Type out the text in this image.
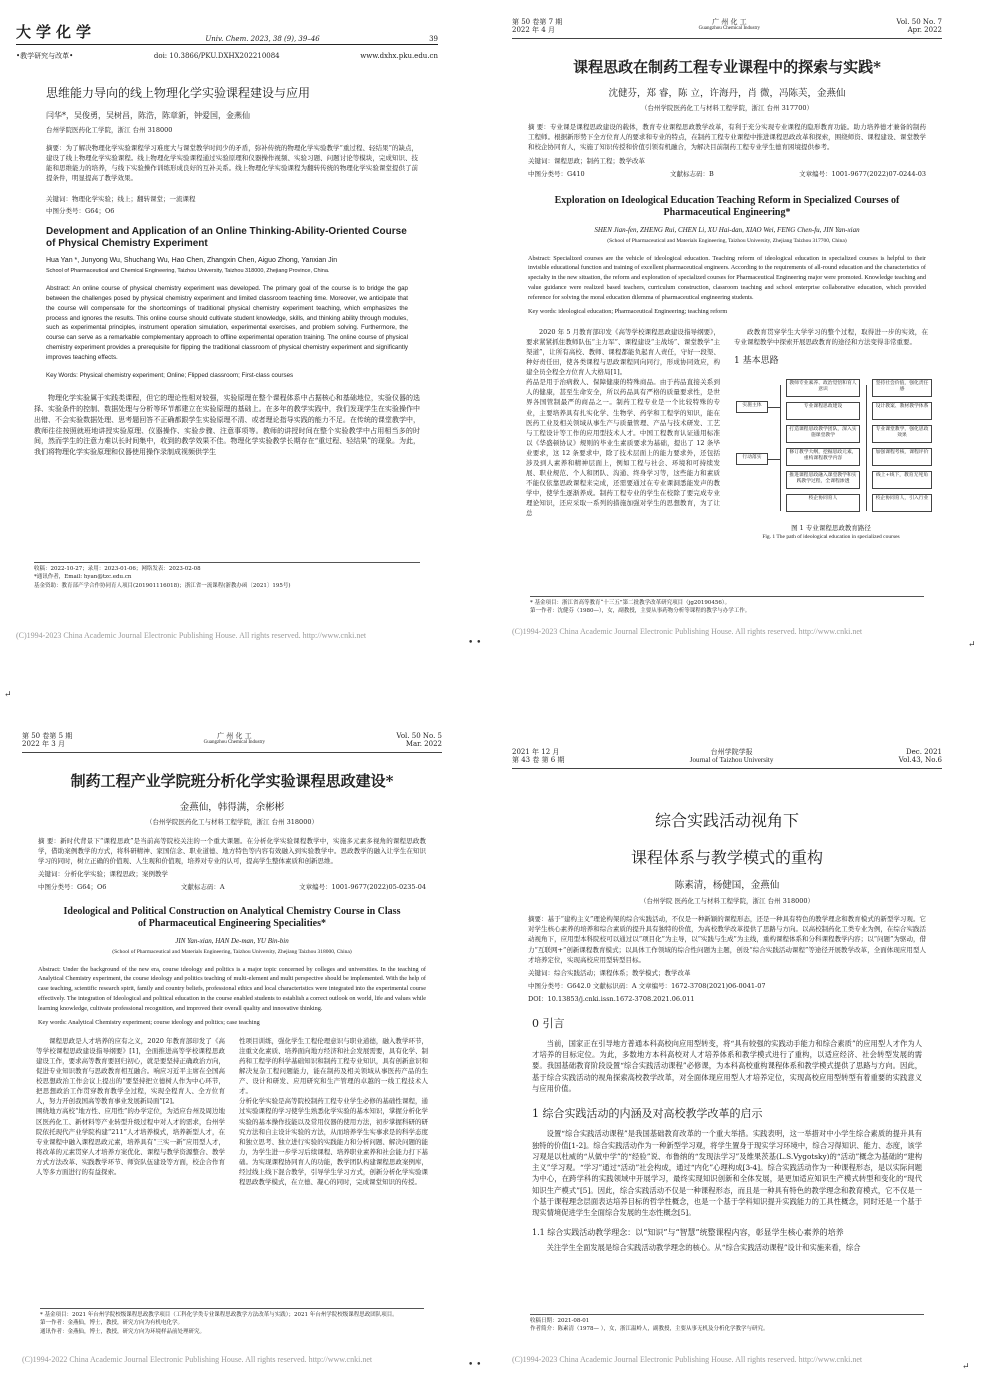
大学化学	Univ. Chem. 2023, 38 (9), 39–46	39
•教学研究与改革•	doi: 10.3866/PKU.DXHX202210084	www.dxhx.pku.edu.cn
思维能力导向的线上物理化学实验课程建设与应用
闫华*，吴俊勇，吴树昌，陈浩，陈章新，钟爱国，金燕仙
台州学院医药化工学院，浙江 台州 318000
摘要：为了解决物理化学实验课程学习难度大与课堂教学时间少的矛盾，弥补传统的物理化学实验教学“重过程、轻结果”的缺点，建设了线上物理化学实验课程。线上物理化学实验课程通过实验原理和仪器操作视频、实验习题、问题讨论等模块，完成知识、技能和思维能力的培养，与线下实验操作训练形成良好的互补关系。线上物理化学实验课程为翻转传统的物理化学实验课堂提供了前提条件，明显提高了教学效果。
关键词：物理化学实验；线上；翻转课堂；一流课程
中图分类号：G64；O6
Development and Application of an Online Thinking-Ability-Oriented Course of Physical Chemistry Experiment
Hua Yan *, Junyong Wu, Shuchang Wu, Hao Chen, Zhangxin Chen, Aiguo Zhong, Yanxian Jin
School of Pharmaceutical and Chemical Engineering, Taizhou University, Taizhou 318000, Zhejiang Province, China.
Abstract: An online course of physical chemistry experiment was developed. The primary goal of the course is to bridge the gap between the challenges posed by physical chemistry experiment and limited classroom teaching time. Moreover, we anticipate that the course will compensate for the shortcomings of traditional physical chemistry experiment teaching, which emphasizes the process and ignores the results. This online course should cultivate student knowledge, skills, and thinking ability through modules, such as experimental principles, instrument operation simulation, experimental exercises, and problem solving. Furthermore, the course can serve as a remarkable complementary approach to offline experimental operation training. The online course of physical chemistry experiment provides a prerequisite for flipping the traditional classroom of physical chemistry experiment and significantly improves teaching effects.
Key Words: Physical chemistry experiment; Online; Flipped classroom; First-class courses
物理化学实验属于实践类课程，但它的理论性相对较强，实验原理在整个课程体系中占据核心和基础地位，实验仪器的选择、实验条件的控制、数据处理与分析等环节都建立在实验原理的基础上。在多年的教学实践中，我们发现学生在实验操作中出错、不会实验数据处理、思考题回答不正确都跟学生实验原理不清、或者理论指导实践的能力不足。在传统的课堂教学中，教师往往按照就班地讲授实验原理、仪器操作、实验步骤、注意事项等。教师的讲授时间在整个实验教学中占用相当多的时间，然而学生的注意力难以长时间集中，收到的教学效果不佳。物理化学实验教学长期存在“重过程、轻结果”的现象。为此，我们将物理化学实验原理和仪器使用操作录制成视频供学生
收稿：2022-10-27；录用：2023-01-06；网络发表：2023-02-08
*通讯作者，Email: hyan@tzc.edu.cn
基金资助：教育部产学合作协同育人项目(201901116018)；浙江省一流课程(浙教办函〔2021〕195号)
(C)1994-2023 China Academic Journal Electronic Publishing House. All rights reserved. http://www.cnki.net
第 50 卷第 7 期
2022 年 4 月
广 州 化 工
Guangzhou Chemical Industry
Vol. 50 No. 7
Apr. 2022
课程思政在制药工程专业课程中的探索与实践*
沈健芬，郑 睿，陈 立，许海丹，肖 微，冯陈芙，金燕仙
（台州学院医药化工与材料工程学院，浙江 台州 317700）
摘 要：专业课是课程思政建设的载体，教育专业课程思政教学改革，有利于充分实现专业课程的隐形教育功能。助力培养德才兼备的制药工程师。根据新形势下全方位育人的要求和专业的特点，在制药工程专业课程中推进课程思政改革和探索，围绕师资、课程建设、课堂教学和校企协同育人，实施了知识传授和价值引领有机融合，为解决目前制药工程专业学生德育困境提供参考。
关键词：课程思政；制药工程；教学改革
中图分类号：G410	文献标志码：B	文章编号：1001-9677(2022)07-0244-03
Exploration on Ideological Education Teaching Reform in Specialized Courses of Pharmaceutical Engineering*
SHEN Jian-fen, ZHENG Rui, CHEN Li, XU Hai-dan, XIAO Wei, FENG Chen-fu, JIN Yan-xian
(School of Pharmaceutical and Materials Engineering, Taizhou University, Zhejiang Taizhou 317700, China)
Abstract: Specialized courses are the vehicle of ideological education. Teaching reform of ideological education in specialized courses is helpful to their invisible educational function and training of excellent pharmaceutical engineers. According to the requirements of all-round education and the characteristics of specialty in the new situation, the reform and exploration of specialized courses for Pharmaceutical Engineering major were promoted. Knowledge teaching and value guidance were realized based teachers, curriculum construction, classroom teaching and school enterprise collaborative education, which provided reference for solving the moral education dilemma of pharmaceutical engineering students.
Key words: ideological education; Pharmaceutical Engineering; teaching reform
2020 年 5 月教育部印发《高等学校课程思政建设指导纲要》，要求紧紧抓住教师队伍“主力军”、课程建设“主战场”、课堂教学“主渠道”，让所有高校、教师、课程都能负起育人责任，守好一段渠、种好责任田，使各类课程与思政课程同向同行，形成协同效应，构建全员全程全方位育人大格局[1]。
药品是用于治病救人、保障健康的特殊商品。由于药品直接关系到人的健康，甚至生命安全，所以药品具有严格的质量要求性，是世界各国管制最严的商品之一。制药工程专业是一个比较特殊的专业，主要培养具有扎实化学、生物学、药学和工程学的知识，能在医药工业及相关领域从事生产与质量管理、产品与技术研发、工艺与工程设计等工作的应用型技术人才。中国工程教育认证通用标准以《华盛顿协议》规则的毕业生素质要求为基础，提出了 12 条毕业要求，这 12 条要求中，除了技术层面上的能力要求外，还包括涉及到人素养和精神层面上，例如工程与社会、环境和可持续发展、职业规范、个人和团队、沟通、终身学习等，这些能力和素质不能仅依靠思政课程来完成，还需要通过在专业课洞悉能发声的教学中，使学生逐渐养成。制药工程专业的学生在校除了要完成专业理论知识，还应采取一系列的措施加强对学生的思想教育，为了让总
政教育贯穿学生大学学习的整个过程，取得进一步的实效，在专业课程教学中探索开展思政教育的途径和方法变得非常重要。
1 基本思路
实施主体
行动落实
教师专业素养、政治觉悟和育人意识
专业课程思政建设
打造课程思政教学团队，深入实施课堂教学
修订教学大纲，挖掘思政元素，重构课程教学内容
推进课程思政融入课堂教学和实践教学过程，全课程渗透
校企协同育人
坚持社会价值，强化责任感
设计教案、教材教学体系
专业课堂教学，强化思政效果
加强课程考核，课程评价
线上+线下，教育无死角
校企协同育人，引入行业
图 1 专业课程思政教育路径
Fig. 1 The path of ideological education in specialized courses
* 基金项目：浙江省高等教育“十三五”第二批教学改革研究项目（jg20190456）。
第一作者：沈健芬（1980—），女，副教授，主要从事药物分析等课程的教学与办学工作。
(C)1994-2023 China Academic Journal Electronic Publishing House. All rights reserved. http://www.cnki.net
• •	↵
↵
第 50 卷第 5 期
2022 年 3 月
广 州 化 工
Guangzhou Chemical Industry
Vol. 50 No. 5
Mar. 2022
制药工程产业学院班分析化学实验课程思政建设*
金燕仙，韩得满，余彬彬
（台州学院医药化工与材料工程学院，浙江 台州 318000）
摘 要：新时代背景下“课程思政”是当前高等院校关注的一个重大课题。在分析化学实验课程教学中，实施多元素多视角的课程思政教学，借助案例教学的方式，将科研精神、家国信念、职业道德、地方特色等内容有效融入到实验教学中。思政教学的融入让学生在知识学习的同时，树立正确的价值观、人生观和价值观，培养对专业的认可，提高学生整体素质和创新思维。
关键词：分析化学实验；课程思政；案例教学
中图分类号：G64；O6	文献标志码：A	文章编号：1001-9677(2022)05-0235-04
Ideological and Political Construction on Analytical Chemistry Course in Class of Pharmaceutical Engineering Specialities*
JIN Yan-xian, HAN De-man, YU Bin-bin
(School of Pharmaceutical and Materials Engineering, Taizhou University, Zhejiang Taizhou 318000, China)
Abstract: Under the background of the new era, course ideology and politics is a major topic concerned by colleges and universities. In the teaching of Analytical Chemistry experiment, the course ideology and politics teaching of multi-element and multi perspective should be implemented. With the help of case teaching, scientific research spirit, family and country beliefs, professional ethics and local characteristics were integrated into the experimental course effectively. The integration of Ideological and political education in the course enabled students to establish a correct outlook on world, life and values while learning knowledge, cultivate professional recognition, and improved their overall quality and innovative thinking.
Key words: Analytical Chemistry experiment; course ideology and politics; case teaching
课程思政是人才培养的应有之义，2020 年教育部印发了《高等学校课程思政建设指导纲要》[1]，全面推进高等学校课程思政建设工作，要求高等教育要回归初心，就是要坚持正确政治方向，促进专业知识教育与思政教育相互融合。响应习近平主席在全国高校思想政治工作会议上提出的“要坚持把立德树人作为中心环节，把思想政治工作贯穿教育教学全过程，实现全程育人、全方位育人，努力开创我国高等教育事业发展新局面”[2]。
围绕地方高校“地方性、应用性”的办学定位，为适应台州及周边地区医药化工、新材料等产业转型升级过程中对人才的需求，台州学院依托现代产业学院构建“211”人才培养模式，培养新型人才，在专业课程中融入课程思政元素，培养具有“三实一新”应用型人才，将改革的元素贯穿人才培养方案优化、课程与教学资源整合、教学方式方法改革、实践教学环节、师资队伍建设等方面，校企合作育人等多方面进行的有益探索。
性项目训练，强化学生工程伦理意识与职业道德，融入教学环节，注重文化素质、培养面向地方经济和社会发展需要，具有化学、制药和工程学的科学基础知识和制药工程专业知识，具有创新意识和解决复杂工程问题能力，能在制药及相关领域从事医药产品的生产、设计和研发、应用研究和生产管理的卓越的一线工程技术人才。
分析化学实验是高等院校制药工程专业学生必修的基础性课程，通过实验课程的学习使学生熟悉化学实验的基本知识，掌握分析化学实验的基本操作技能以及常用仪器的使用方法，初步掌握科研的研究方法和自主设计实验的方法，从而培养学生实事求是的科学态度和独立思考、独立进行实验的实践能力和分析问题、解决问题的能力，为学生进一步学习后续课程、培养职业素养和社会能力打下基础。为实现课程协同育人的功能，教学团队构建课程思政案例库，经过线上线下混合教学，引导学生学习方式，创新分析化学实验课程思政教学模式，在立德、凝心的同时，完成课堂知识的传授。
* 基金项目：2021 年台州学院校级课程思政教学项目（工科化学类专业课程思政教学方法改革与实践）；2021 年台州学院校级课程思政团队项目。
第一作者：金燕仙，博士，教授，研究方向为有机电化学。
通讯作者：金燕仙，博士，教授，研究方向为环境样品前处理研究。
(C)1994-2022 China Academic Journal Electronic Publishing House. All rights reserved. http://www.cnki.net
2021 年 12 月
第 43 卷 第 6 期
台州学院学报
Journal of Taizhou University
Dec. 2021
Vol.43, No.6
综合实践活动视角下
课程体系与教学模式的重构
陈素清，杨健国，金燕仙
（台州学院 医药化工与材料工程学院，浙江 台州 318000）
摘要：基于“建构主义”理论构架的综合实践活动，不仅是一种新颖的课程形态，还是一种具有特色的教学理念和教育模式的新型学习观。它对学生核心素养的培养和综合素质的提升具有独特的价值，为高校教学改革提供了思路与方向。以高校制药化工类专业为例，在综合实践活动视角下，应用型本科院校可以通过以“项目化”为主导，以“实践与生成”为主线，重构课程体系和分科课程教学内容；以“问题”为驱动，借力“互联网+”创新课程教育模式；以具体工作领域的综合性问题为主题，创设“综合实践活动课程”等途径开展教学改革，全面体现应用型人才培养定位，实现高校应用型转型目标。
关键词：综合实践活动；课程体系；教学模式；教学改革
中图分类号：G642.0 文献标识码：A 文章编号：1672-3708(2021)06-0041-07
DOI：10.13853/j.cnki.issn.1672-3708.2021.06.011
0 引言
当前，国家正在引导地方普通本科高校向应用型转变，将“具有较强的实践动手能力和综合素质”的应用型人才作为人才培养的目标定位。为此，多数地方本科高校对人才培养体系和教学模式进行了重构，以适应经济、社会转型发展的需要。我国基础教育阶段设置“综合实践活动课程”必修课，为本科高校重构课程体系和教学模式提供了思路与方向。因此，基于综合实践活动的视角探索高校教学改革，对全面体现应用型人才培养定位，实现高校应用型转型有着重要的实践意义与应用价值。
1 综合实践活动的内涵及对高校教学改革的启示
设置“综合实践活动课程”是我国基础教育改革的一个重大举措。实践表明，这一举措对中小学生综合素质的提升具有独特的价值[1-2]。综合实践活动作为一种新型学习观，将学生置身于现实学习环境中，综合习得知识、能力、态度，该学习观是以杜威的“从做中学”的“经验”说、布鲁纳的“发现法学习”及维果茨基(L.S.Vygotsky)的“活动”概念为基础的“建构主义”学习观。“学习”通过“活动”社会构成，通过“内化”心理构成[3-4]。综合实践活动作为一种课程形态，是以实际问题为中心，在跨学科的实践领域中开展学习，最终实现知识创新和全体发展，是更加适应知识生产模式转型和变化的“现代知识生产模式”[5]。因此，综合实践活动不仅是一种课程形态，而且是一种具有特色的教学理念和教育模式，它不仅是一个基于课程理念层面表达培养目标的哲学性概念，也是一个基于学科知识提升实践能力的工具性概念，同时还是一个基于现实情境促进学生全面综合发展的生态性概念[5]。
1.1 综合实践活动教学理念：以“知识”与“智慧”统整课程内容，彰显学生核心素养的培养
关注学生全面发展是综合实践活动教学理念的核心。从“综合实践活动课程”设计和实施来看，综合
收稿日期：2021-08-01
作者简介：陈素清（1978— ），女，浙江温岭人，副教授，主要从事无机及分析化学教学与研究。
(C)1994-2023 China Academic Journal Electronic Publishing House. All rights reserved. http://www.cnki.net
• •	↵
